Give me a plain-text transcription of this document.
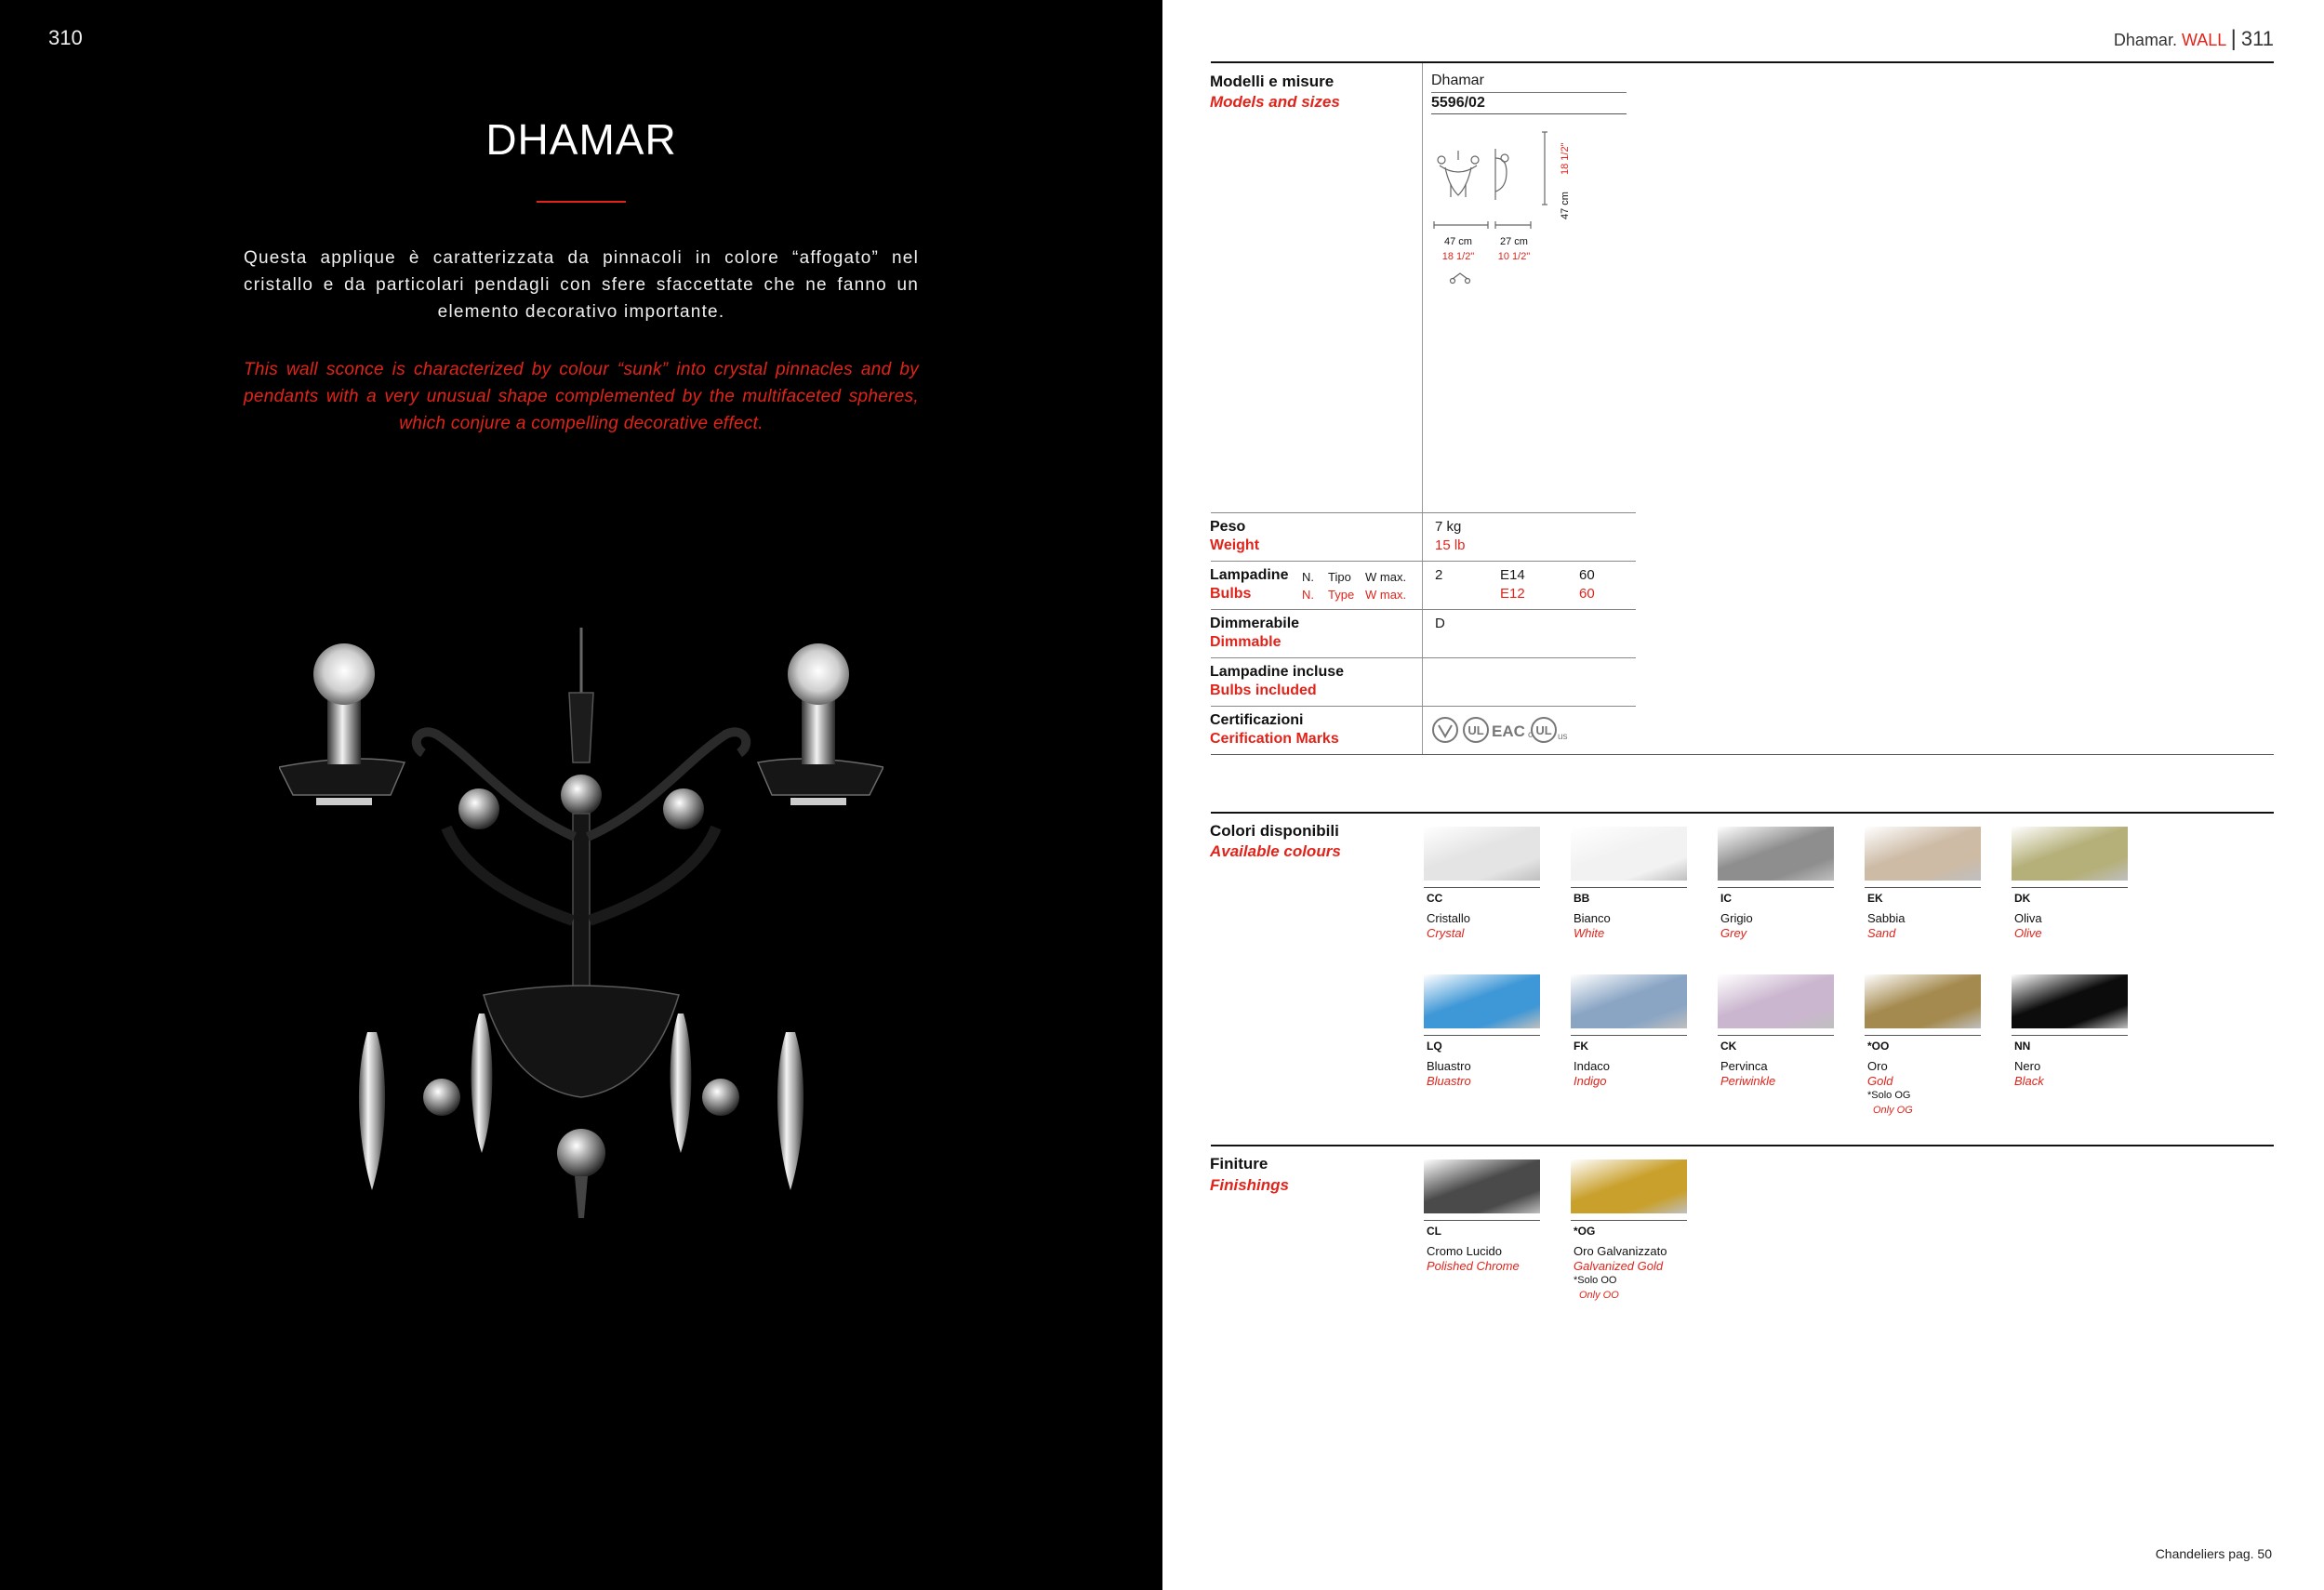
310
DHAMAR
Questa applique è caratterizzata da pinnacoli in colore “affogato” nel cristallo e da particolari pendagli con sfere sfaccettate che ne fanno un elemento decorativo importante.
This wall sconce is characterized by colour “sunk” into crystal pinnacles and by pendants with a very unusual shape complemented by the multifaceted spheres, which conjure a compelling decorative effect.
Dhamar. WALL | 311
Modelli e misure
Models and sizes
Dhamar
5596/02
47 cm
18 1/2"
27 cm
10 1/2"
47 cm
18 1/2"
Peso
Weight
7 kg
15 lb
Lampadine
Bulbs
N.
N.
Tipo
Type
W max.
W max.
2	E14
E12
60
60
Dimmerabile
Dimmable
D
Lampadine incluse
Bulbs included
Certificazioni
Cerification Marks
UL EAC c UL us
Colori disponibili
Available colours
CC
Cristallo
Crystal
BB
Bianco
White
IC
Grigio
Grey
EK
Sabbia
Sand
DK
Oliva
Olive
LQ
Bluastro
Bluastro
FK
Indaco
Indigo
CK
Pervinca
Periwinkle
*OO
Oro
Gold
*Solo OG
Only OG
NN
Nero
Black
Finiture
Finishings
CL
Cromo Lucido
Polished Chrome
*OG
Oro Galvanizzato
Galvanized Gold
*Solo OO
Only OO
Chandeliers pag. 50
